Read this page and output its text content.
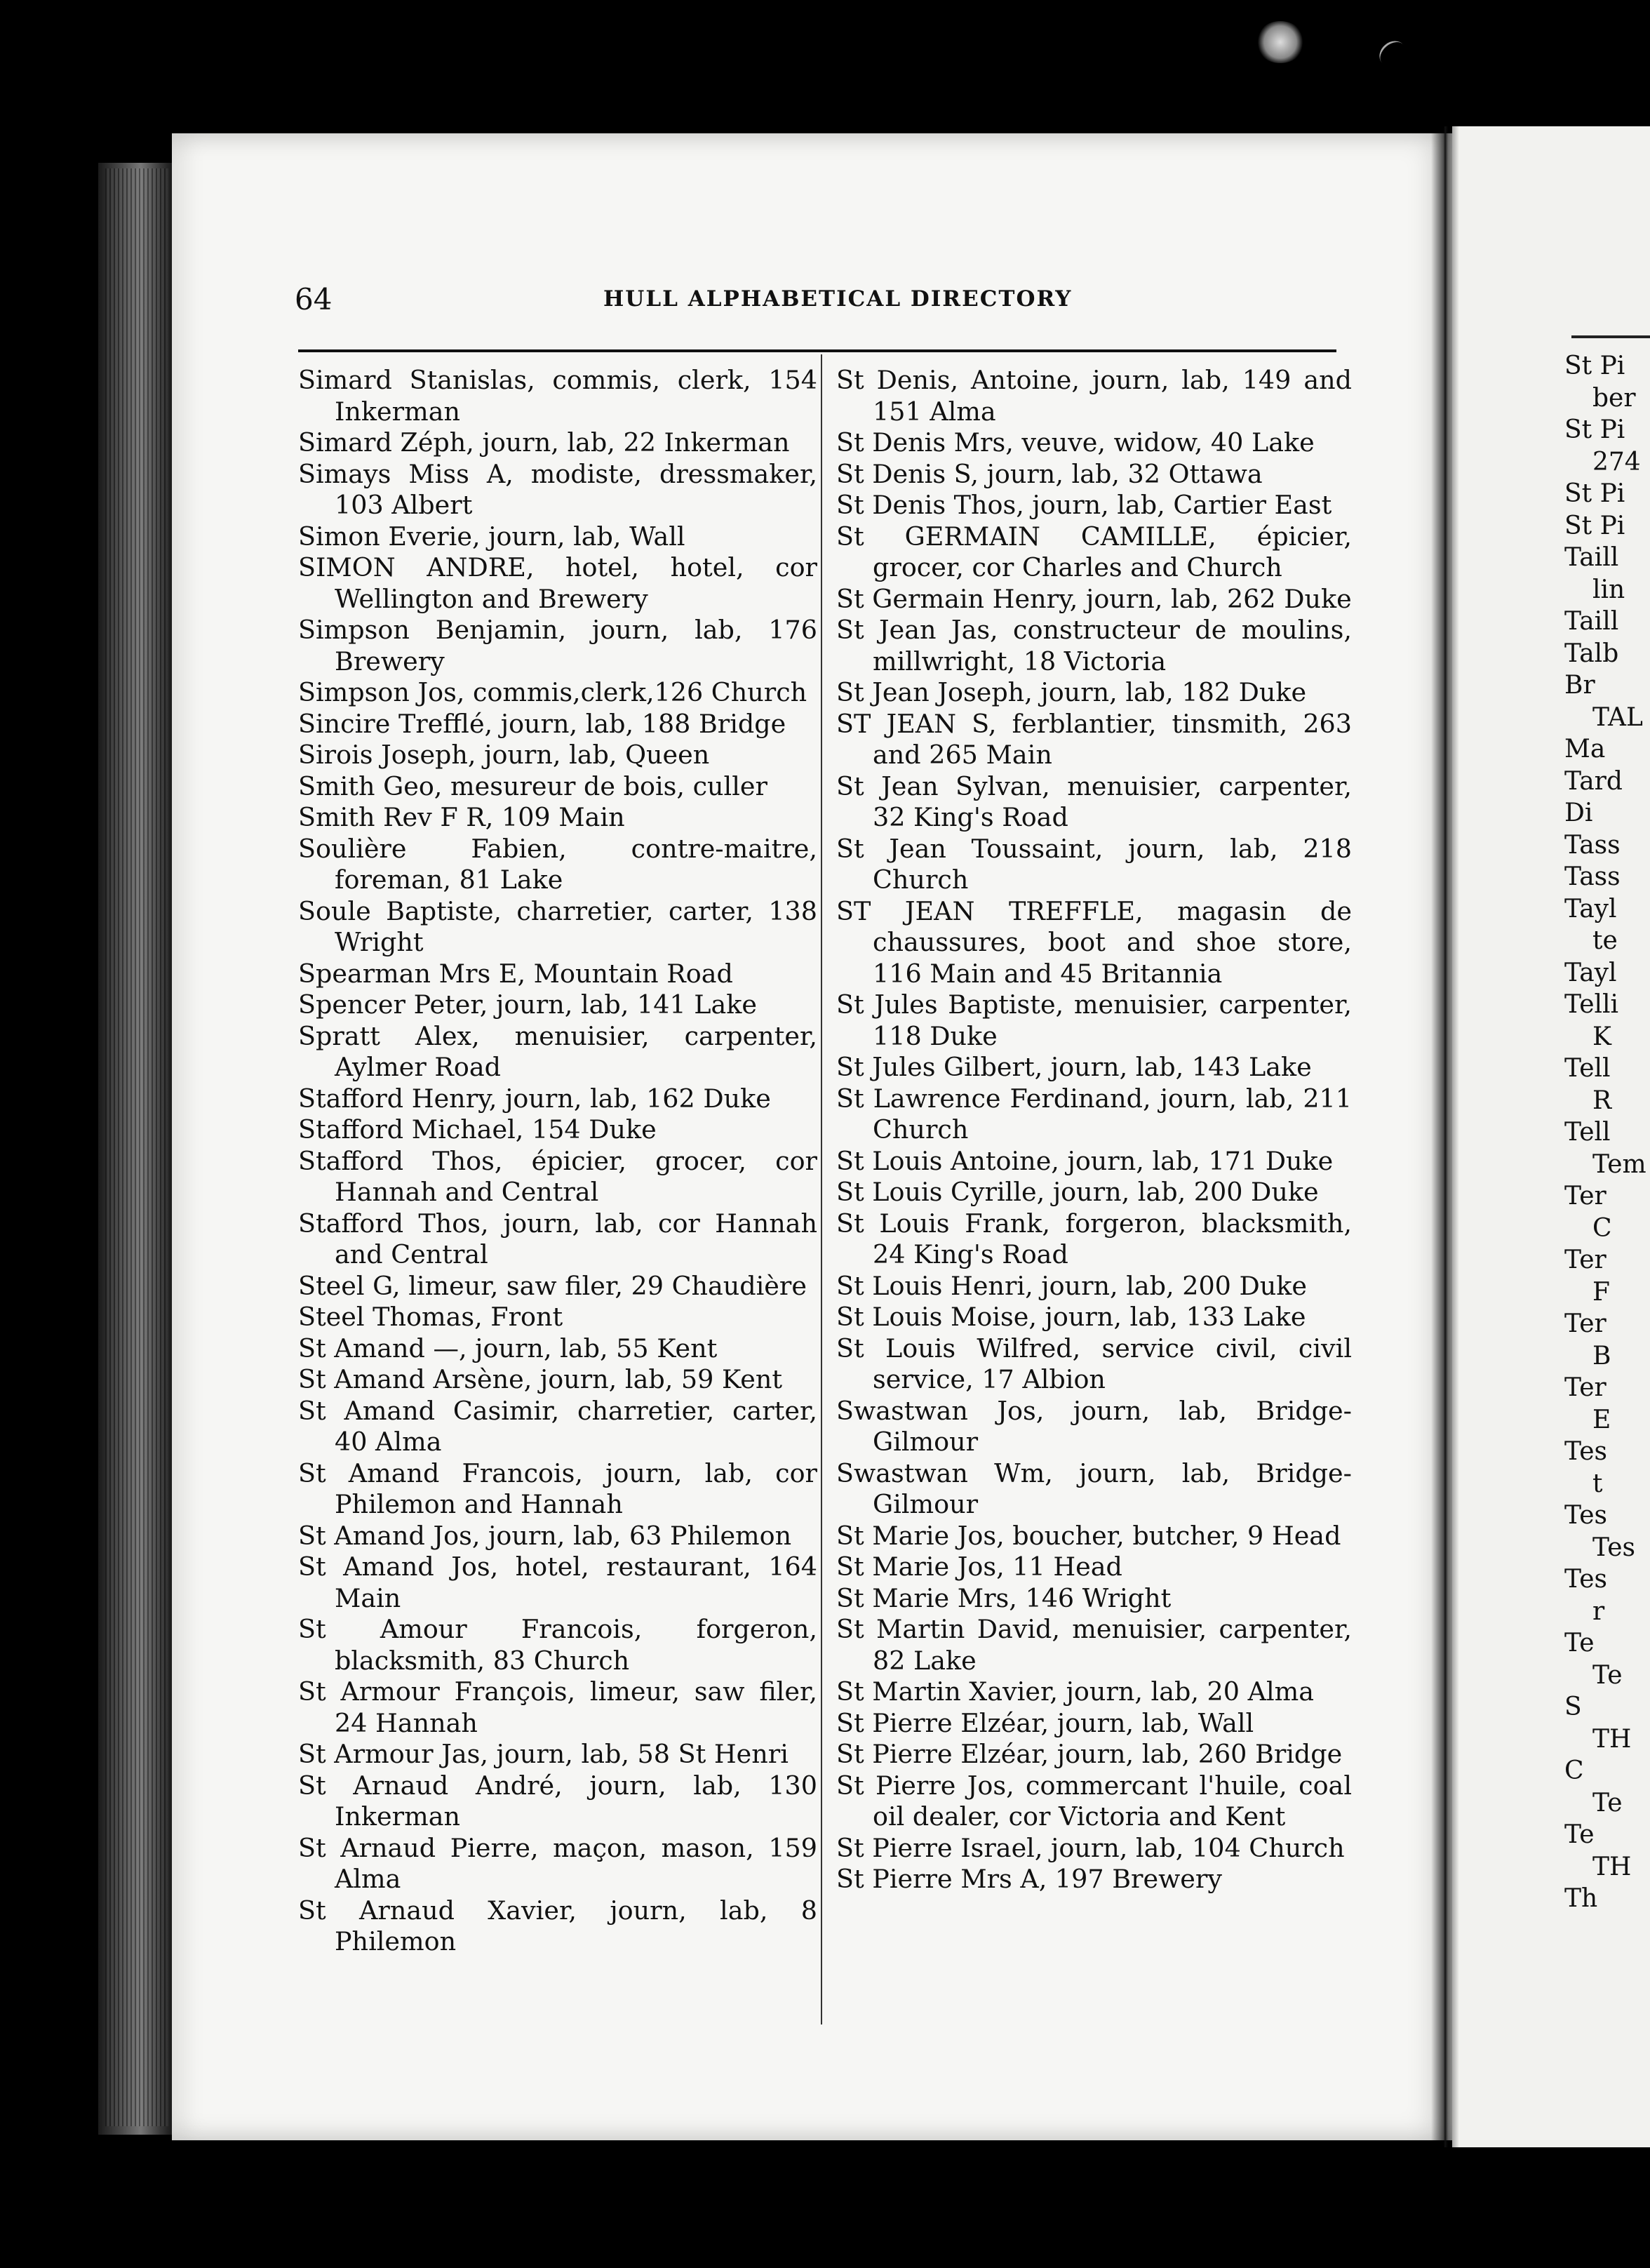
St Pi
ber
St Pi
274
St Pi
St Pi
Taill
lin
Taill
Talb
Br
TAL
Ma
Tard
Di
Tass
Tass
Tayl
te
Tayl
Telli
K
Tell
R
Tell
Tem
Ter
C
Ter
F
Ter
B
Ter
E
Tes
t
Tes
Tes
Tes
r
Te
Te
S
TH
C
Te
Te
TH
Th
64	HULL ALPHABETICAL DIRECTORY

Simard Stanislas, commis, clerk, 154 Inkerman

Simard Zéph, journ, lab, 22 Inkerman

Simays Miss A, modiste, dressmaker, 103 Albert

Simon Everie, journ, lab, Wall

SIMON ANDRE, hotel, hotel, cor Wellington and Brewery

Simpson Benjamin, journ, lab, 176 Brewery

Simpson Jos, commis,clerk,126 Church

Sincire Trefflé, journ, lab, 188 Bridge

Sirois Joseph, journ, lab, Queen

Smith Geo, mesureur de bois, culler

Smith Rev F R, 109 Main

Soulière Fabien, contre-maitre, foreman, 81 Lake

Soule Baptiste, charretier, carter, 138 Wright

Spearman Mrs E, Mountain Road

Spencer Peter, journ, lab, 141 Lake

Spratt Alex, menuisier, carpenter, Aylmer Road

Stafford Henry, journ, lab, 162 Duke

Stafford Michael, 154 Duke

Stafford Thos, épicier, grocer, cor Hannah and Central

Stafford Thos, journ, lab, cor Hannah and Central

Steel G, limeur, saw filer, 29 Chaudière

Steel Thomas, Front

St Amand —, journ, lab, 55 Kent

St Amand Arsène, journ, lab, 59 Kent

St Amand Casimir, charretier, carter, 40 Alma

St Amand Francois, journ, lab, cor Philemon and Hannah

St Amand Jos, journ, lab, 63 Philemon

St Amand Jos, hotel, restaurant, 164 Main

St Amour Francois, forgeron, blacksmith, 83 Church

St Armour François, limeur, saw filer, 24 Hannah

St Armour Jas, journ, lab, 58 St Henri

St Arnaud André, journ, lab, 130 Inkerman

St Arnaud Pierre, maçon, mason, 159 Alma

St Arnaud Xavier, journ, lab, 8 Philemon

St Denis, Antoine, journ, lab, 149 and 151 Alma

St Denis Mrs, veuve, widow, 40 Lake

St Denis S, journ, lab, 32 Ottawa

St Denis Thos, journ, lab, Cartier East

St GERMAIN CAMILLE, épicier, grocer, cor Charles and Church

St Germain Henry, journ, lab, 262 Duke

St Jean Jas, constructeur de moulins, millwright, 18 Victoria

St Jean Joseph, journ, lab, 182 Duke

ST JEAN S, ferblantier, tinsmith, 263 and 265 Main

St Jean Sylvan, menuisier, carpenter, 32 King's Road

St Jean Toussaint, journ, lab, 218 Church

ST JEAN TREFFLE, magasin de chaussures, boot and shoe store, 116 Main and 45 Britannia

St Jules Baptiste, menuisier, carpenter, 118 Duke

St Jules Gilbert, journ, lab, 143 Lake

St Lawrence Ferdinand, journ, lab, 211 Church

St Louis Antoine, journ, lab, 171 Duke

St Louis Cyrille, journ, lab, 200 Duke

St Louis Frank, forgeron, blacksmith, 24 King's Road

St Louis Henri, journ, lab, 200 Duke

St Louis Moise, journ, lab, 133 Lake

St Louis Wilfred, service civil, civil service, 17 Albion

Swastwan Jos, journ, lab, Bridge-Gilmour

Swastwan Wm, journ, lab, Bridge-Gilmour

St Marie Jos, boucher, butcher, 9 Head

St Marie Jos, 11 Head

St Marie Mrs, 146 Wright

St Martin David, menuisier, carpenter, 82 Lake

St Martin Xavier, journ, lab, 20 Alma

St Pierre Elzéar, journ, lab, Wall

St Pierre Elzéar, journ, lab, 260 Bridge

St Pierre Jos, commercant l'huile, coal oil dealer, cor Victoria and Kent

St Pierre Israel, journ, lab, 104 Church

St Pierre Mrs A, 197 Brewery
